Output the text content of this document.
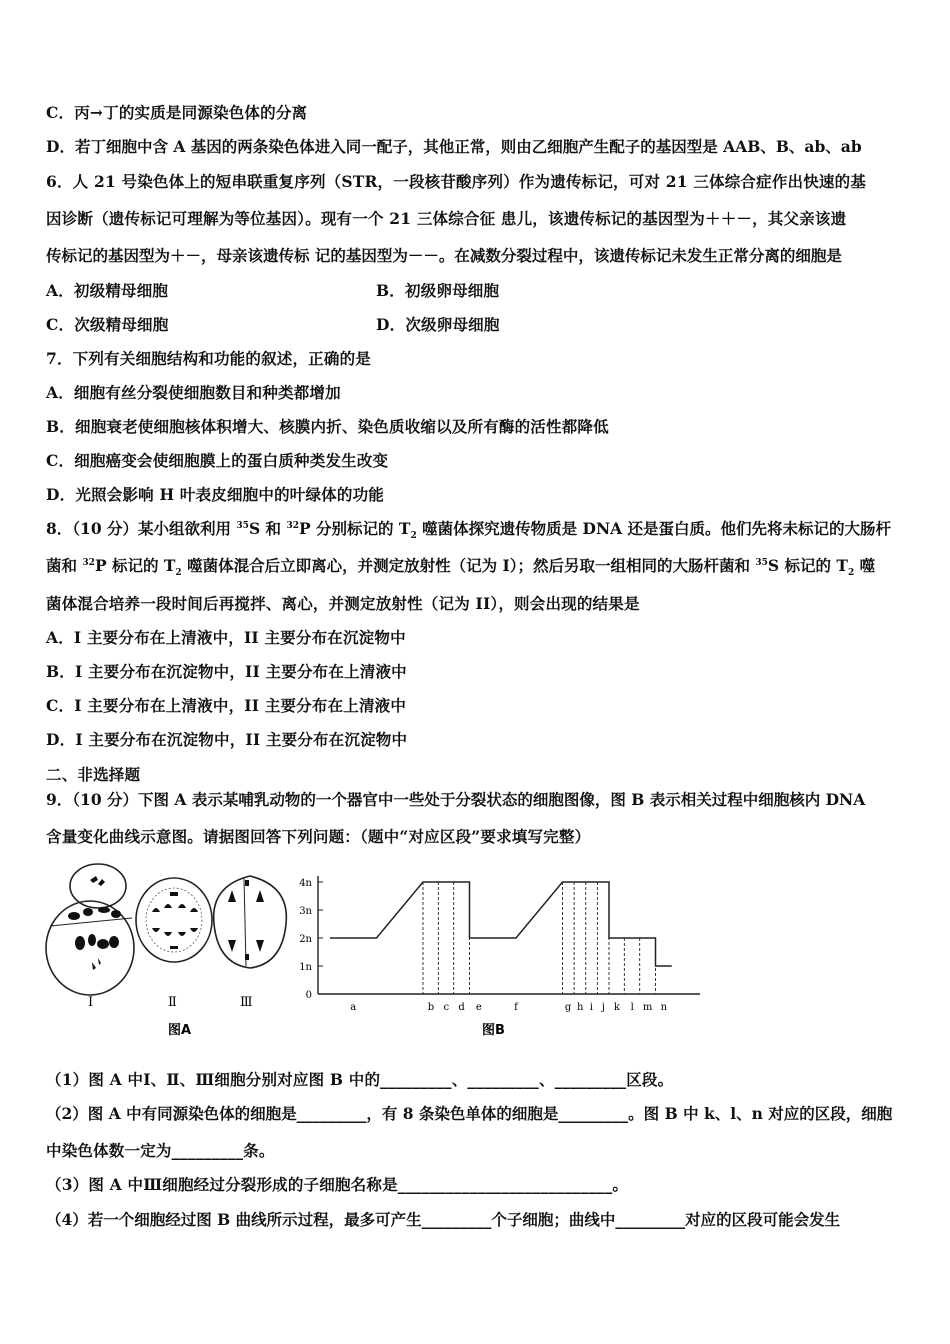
C．丙→丁的实质是同源染色体的分离
D．若丁细胞中含 A 基因的两条染色体进入同一配子，其他正常，则由乙细胞产生配子的基因型是 AAB、B、ab、ab
6．人 21 号染色体上的短串联重复序列（STR，一段核苷酸序列）作为遗传标记，可对 21 三体综合症作出快速的基
因诊断（遗传标记可理解为等位基因）。现有一个 21 三体综合征 患儿，该遗传标记的基因型为＋＋－，其父亲该遗
传标记的基因型为＋－，母亲该遗传标 记的基因型为－－。在减数分裂过程中，该遗传标记未发生正常分离的细胞是
A．初级精母细胞	B．初级卵母细胞
C．次级精母细胞	D．次级卵母细胞
7．下列有关细胞结构和功能的叙述，正确的是
A．细胞有丝分裂使细胞数目和种类都增加
B．细胞衰老使细胞核体积增大、核膜内折、染色质收缩以及所有酶的活性都降低
C．细胞癌变会使细胞膜上的蛋白质种类发生改变
D．光照会影响 H 叶表皮细胞中的叶绿体的功能
8．（10 分）某小组欲利用 $^{35}$S 和 $^{32}$P 分别标记的 $T_2$ 噬菌体探究遗传物质是 DNA 还是蛋白质。他们先将未标记的大肠杆
菌和 $^{32}$P 标记的 $T_2$ 噬菌体混合后立即离心，并测定放射性（记为 I）；然后另取一组相同的大肠杆菌和 $^{35}$S 标记的 $T_2$ 噬
菌体混合培养一段时间后再搅拌、离心，并测定放射性（记为 II），则会出现的结果是
A．I 主要分布在上清液中，II 主要分布在沉淀物中
B．I 主要分布在沉淀物中，II 主要分布在上清液中
C．I 主要分布在上清液中，II 主要分布在上清液中
D．I 主要分布在沉淀物中，II 主要分布在沉淀物中
二、非选择题
9．（10 分）下图 A 表示某哺乳动物的一个器官中一些处于分裂状态的细胞图像，图 B 表示相关过程中细胞核内 DNA
含量变化曲线示意图。请据图回答下列问题：（题中“对应区段”要求填写完整）
Ⅰ	Ⅱ	Ⅲ
图A
0
1n
2n
3n
4n
a	b c d e	f	g h i j k l m n
图B
（1）图 A 中Ⅰ、Ⅱ、Ⅲ细胞分别对应图 B 中的_________、_________、_________区段。
（2）图 A 中有同源染色体的细胞是_________，有 8 条染色单体的细胞是_________。图 B 中 k、l、n 对应的区段，细胞
中染色体数一定为_________条。
（3）图 A 中Ⅲ细胞经过分裂形成的子细胞名称是___________________________。
（4）若一个细胞经过图 B 曲线所示过程，最多可产生_________个子细胞；曲线中_________对应的区段可能会发生
